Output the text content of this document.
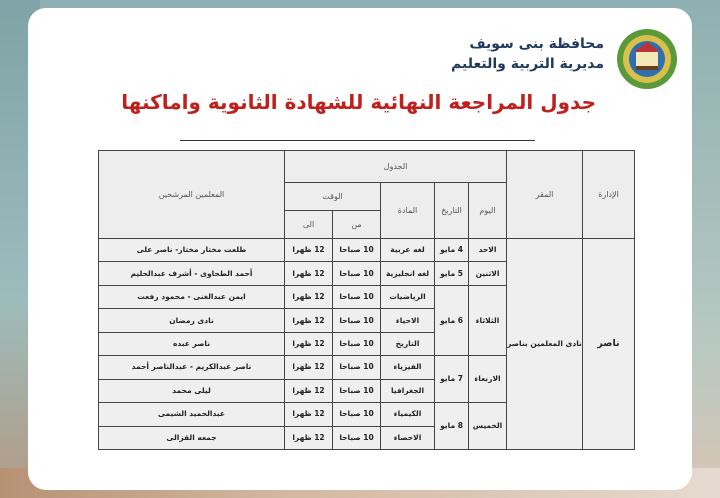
محافظة بنى سويف
مديرية التربية والتعليم
جدول المراجعة النهائية للشهادة الثانوية واماكنها
الإدارة	المقر	الجدول					المعلمين المرشحين
		اليوم	التاريخ	المادة	الوقت		
					من	الى	
ناصر	نادى المعلمين بناصر	الاحد	4 مايو	لغه عربية	10 صباحا	12 ظهرا	طلعت مختار مختار- ناصر على
		الاثنين	5 مايو	لغه انجليزية	10 صباحا	12 ظهرا	أحمد الطحاوى - أشرف عبدالحليم
		الثلاثاء	6 مايو	الرياضيات	10 صباحا	12 ظهرا	ايمن عبدالغنى - محمود رفعت
				الاحياء	10 صباحا	12 ظهرا	نادى رمضان
				التاريخ	10 صباحا	12 ظهرا	ناصر عبده
		الاربعاء	7 مايو	الفيزياء	10 صباحا	12 ظهرا	ناصر عبدالكريم - عبدالناصر أحمد
				الجغرافيا	10 صباحا	12 ظهرا	ليلى محمد
		الخميس	8 مايو	الكيمياء	10 صباحا	12 ظهرا	عبدالحميد الشيمى
				الاحصاء	10 صباحا	12 ظهرا	جمعه القزالى
